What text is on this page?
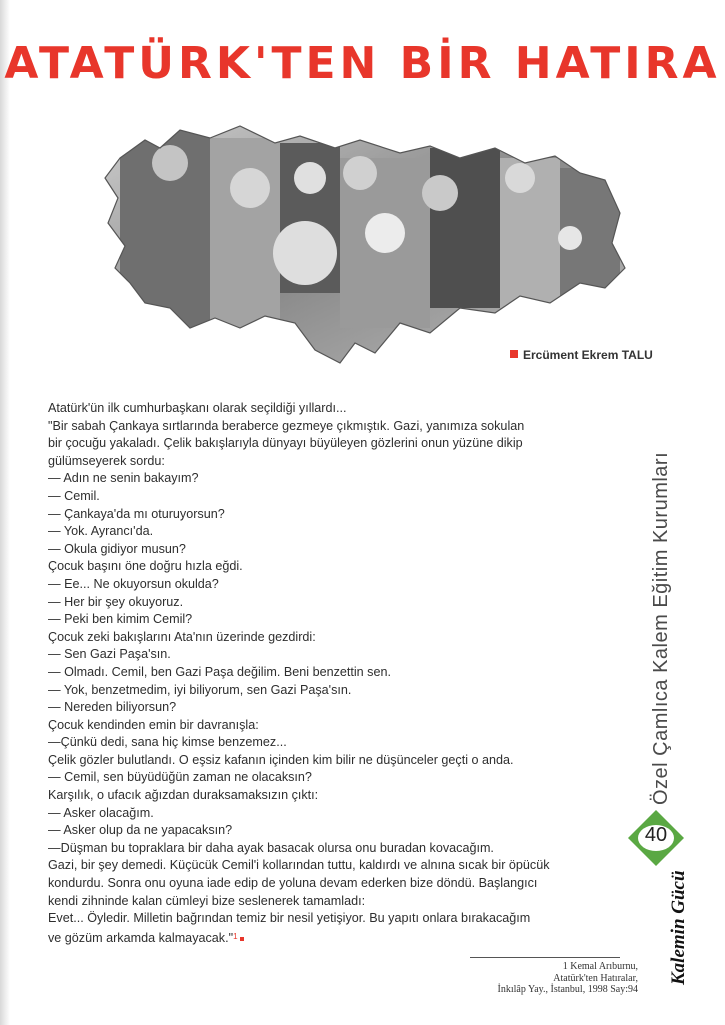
ATATÜRK'TEN BİR HATIRA
Ercüment Ekrem TALU
Atatürk'ün ilk cumhurbaşkanı olarak seçildiği yıllardı...
"Bir sabah Çankaya sırtlarında beraberce gezmeye çıkmıştık. Gazi, yanımıza sokulan
bir çocuğu yakaladı. Çelik bakışlarıyla dünyayı büyüleyen gözlerini onun yüzüne dikip
gülümseyerek sordu:
— Adın ne senin bakayım?
— Cemil.
— Çankaya'da mı oturuyorsun?
— Yok. Ayrancı'da.
— Okula gidiyor musun?
Çocuk başını öne doğru hızla eğdi.
— Ee... Ne okuyorsun okulda?
— Her bir şey okuyoruz.
— Peki ben kimim Cemil?
Çocuk zeki bakışlarını Ata'nın üzerinde gezdirdi:
— Sen Gazi Paşa'sın.
— Olmadı. Cemil, ben Gazi Paşa değilim. Beni benzettin sen.
— Yok, benzetmedim, iyi biliyorum, sen Gazi Paşa'sın.
— Nereden biliyorsun?
Çocuk kendinden emin bir davranışla:
—Çünkü dedi, sana hiç kimse benzemez...
Çelik gözler bulutlandı. O eşsiz kafanın içinden kim bilir ne düşünceler geçti o anda.
— Cemil, sen büyüdüğün zaman ne olacaksın?
Karşılık, o ufacık ağızdan duraksamaksızın çıktı:
— Asker olacağım.
— Asker olup da ne yapacaksın?
—Düşman bu topraklara bir daha ayak basacak olursa onu buradan kovacağım.
Gazi, bir şey demedi. Küçücük Cemil'i kollarından tuttu, kaldırdı ve alnına sıcak bir öpücük
kondurdu. Sonra onu oyuna iade edip de yoluna devam ederken bize döndü. Başlangıcı
kendi zihninde kalan cümleyi bize seslenerek tamamladı:
Evet... Öyledir. Milletin bağrından temiz bir nesil yetişiyor. Bu yapıtı onlara bırakacağım
ve gözüm arkamda kalmayacak."$^1$
1 Kemal Arıburnu,
Atatürk'ten Hatıralar,
İnkılâp Yay., İstanbul, 1998 Say:94
Özel Çamlıca Kalem Eğitim Kurumları
40
Kalemin Gücü
